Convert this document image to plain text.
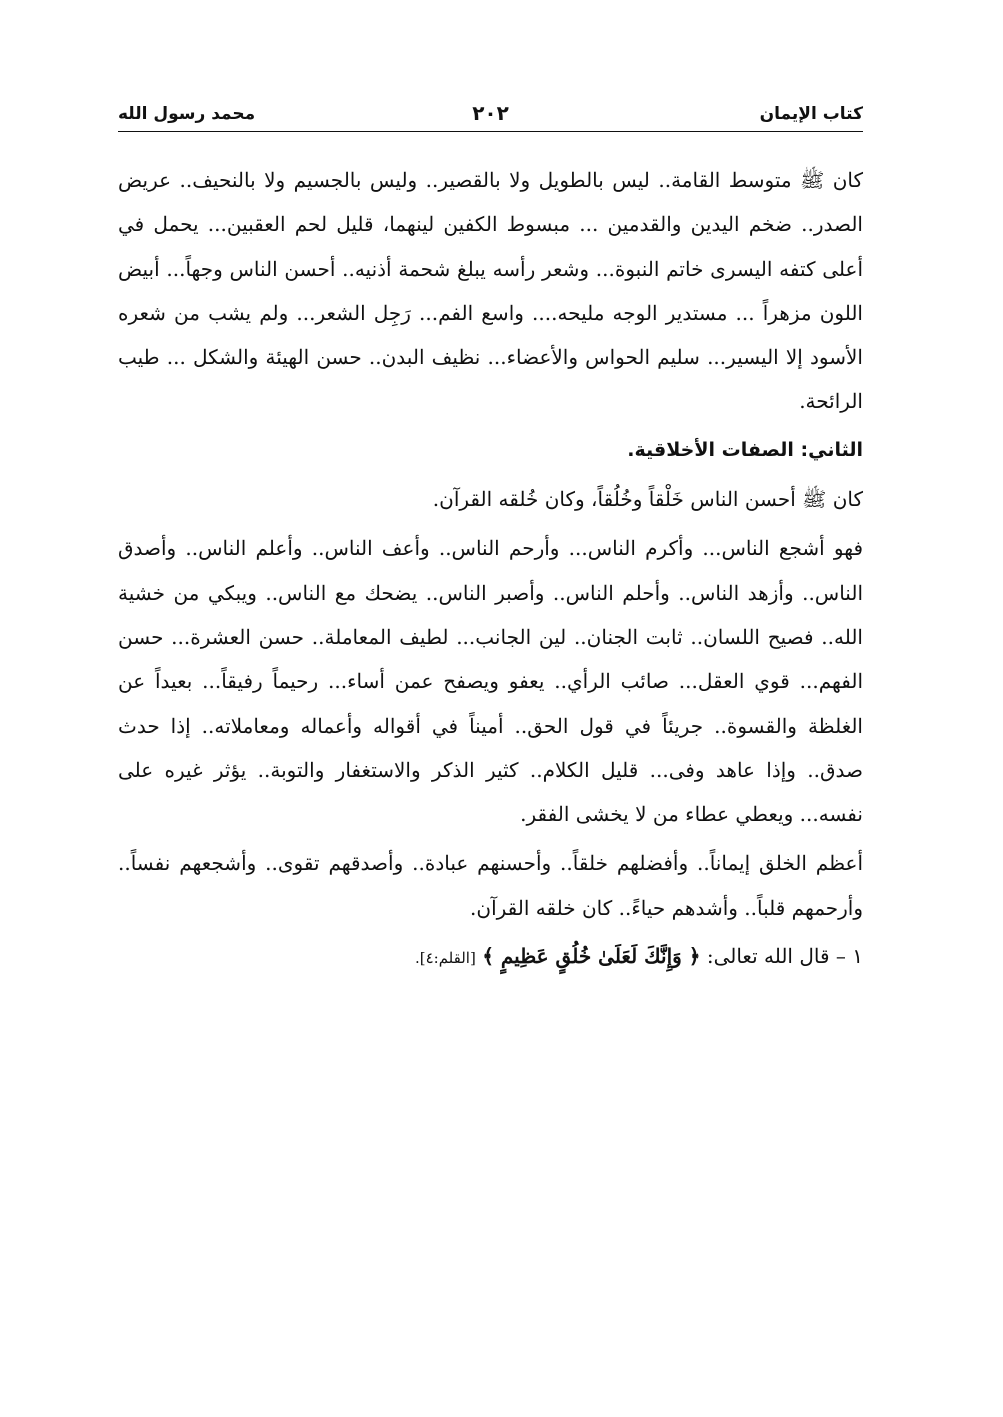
كتاب الإيمان
٢٠٢
محمد رسول الله

كان ﷺ متوسط القامة.. ليس بالطويل ولا بالقصير.. وليس بالجسيم ولا بالنحيف.. عريض الصدر.. ضخم اليدين والقدمين ... مبسوط الكفين لينهما، قليل لحم العقبين... يحمل في أعلى كتفه اليسرى خاتم النبوة... وشعر رأسه يبلغ شحمة أذنيه.. أحسن الناس وجهاً... أبيض اللون مزهراً ... مستدير الوجه مليحه.... واسع الفم... رَجِل الشعر... ولم يشب من شعره الأسود إلا اليسير... سليم الحواس والأعضاء... نظيف البدن.. حسن الهيئة والشكل ... طيب الرائحة.

الثاني: الصفات الأخلاقية.

كان ﷺ أحسن الناس خَلْقاً وخُلُقاً، وكان خُلقه القرآن.

فهو أشجع الناس... وأكرم الناس... وأرحم الناس.. وأعف الناس.. وأعلم الناس.. وأصدق الناس.. وأزهد الناس.. وأحلم الناس.. وأصبر الناس.. يضحك مع الناس.. ويبكي من خشية الله.. فصيح اللسان.. ثابت الجنان.. لين الجانب... لطيف المعاملة.. حسن العشرة... حسن الفهم... قوي العقل... صائب الرأي.. يعفو ويصفح عمن أساء... رحيماً رفيقاً... بعيداً عن الغلظة والقسوة.. جريئاً في قول الحق.. أميناً في أقواله وأعماله ومعاملاته.. إذا حدث صدق.. وإذا عاهد وفى... قليل الكلام.. كثير الذكر والاستغفار والتوبة.. يؤثر غيره على نفسه... ويعطي عطاء من لا يخشى الفقر.

أعظم الخلق إيماناً.. وأفضلهم خلقاً.. وأحسنهم عبادة.. وأصدقهم تقوى.. وأشجعهم نفساً.. وأرحمهم قلباً.. وأشدهم حياءً.. كان خلقه القرآن.

١ – قال الله تعالى: ﴿ وَإِنَّكَ لَعَلَىٰ خُلُقٍ عَظِيمٍ ﴾ [القلم:٤].
